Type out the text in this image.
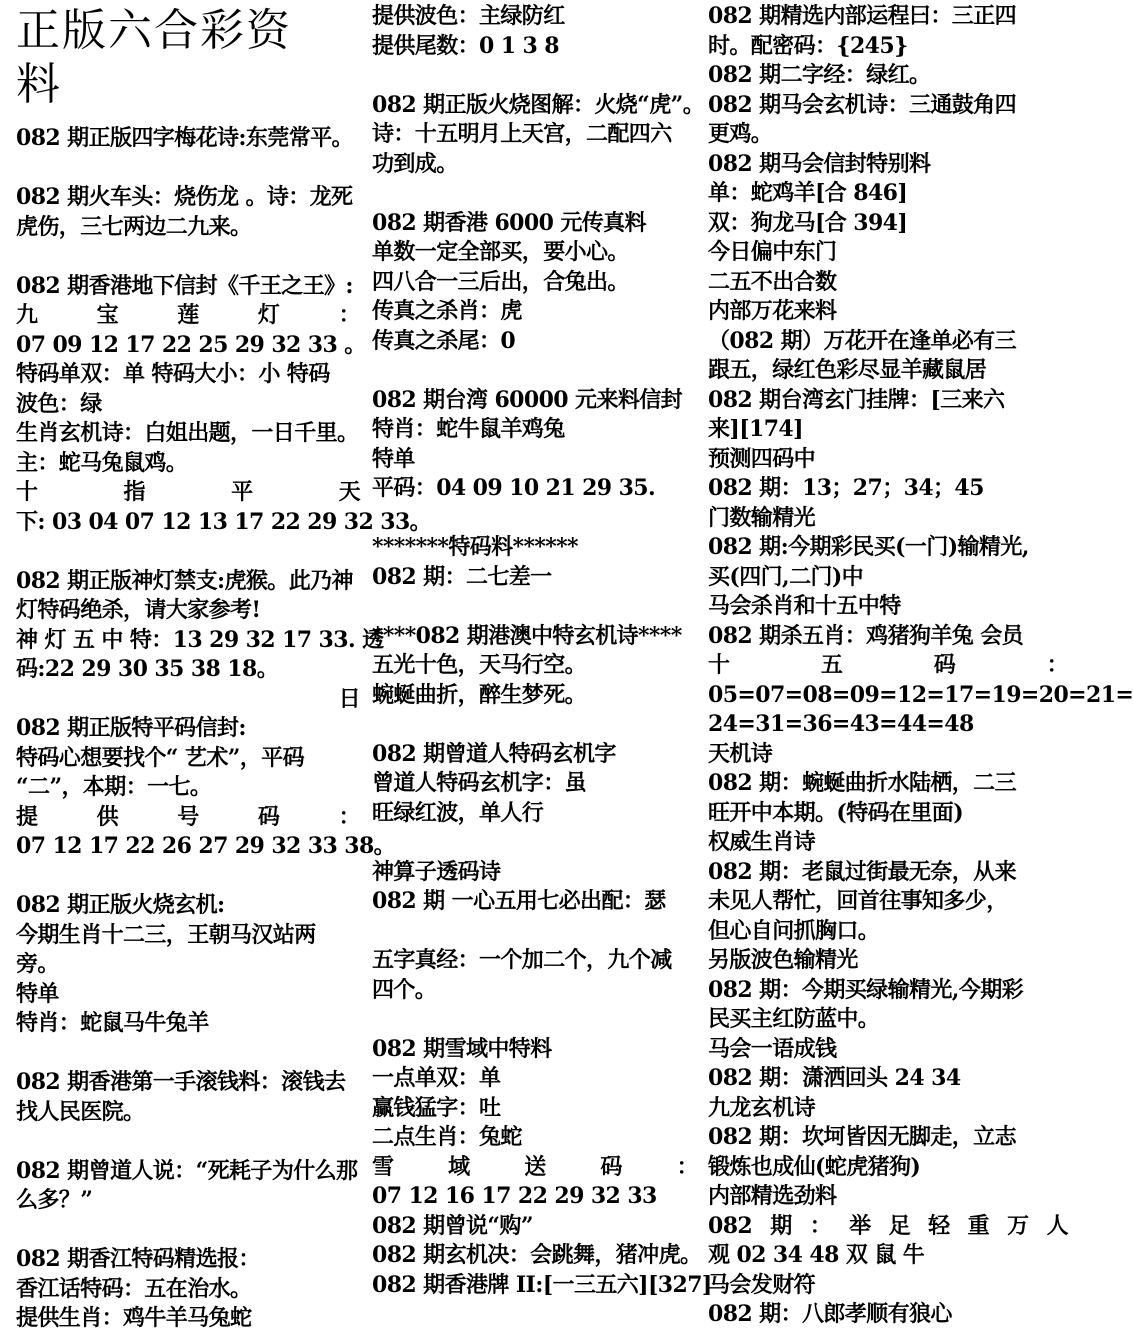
正版六合彩资
料
082 期正版四字梅花诗:东莞常平。
082 期火车头：烧伤龙 。诗：龙死
虎伤，三七两边二九来。
082 期香港地下信封《千王之王》:
九	宝	莲	灯	：
07 09 12 17 22 25 29 32 33 。
特码单双：单 特码大小：小 特码
波色：绿
生肖玄机诗：白姐出题，一日千里。
主：蛇马兔鼠鸡。
十	指	平	天
下: 03 04 07 12 13 17 22 29 32 33。
082 期正版神灯禁支:虎猴。此乃神
灯特码绝杀，请大家参考!
神 灯 五 中 特：13 29 32 17 33. 透
码:22 29 30 35 38 18。
日
082 期正版特平码信封:
特码心想要找个“ 艺术”，平码
“二”，本期：一七。
提	供	号	码	：
07 12 17 22 26 27 29 32 33 38。
082 期正版火烧玄机:
今期生肖十二三，王朝马汉站两
旁。
特单
特肖：蛇鼠马牛兔羊
082 期香港第一手滚钱料：滚钱去
找人民医院。
082 期曾道人说：“死耗子为什么那
么多？”
082 期香江特码精选报：
香江话特码：五在治水。
提供生肖：鸡牛羊马兔蛇
提供波色：主绿防红
提供尾数：0 1 3 8
082 期正版火烧图解：火烧“虎”。
诗：十五明月上天宫，二配四六
功到成。
082 期香港 6000 元传真料
单数一定全部买，要小心。
四八合一三后出，合兔出。
传真之杀肖：虎
传真之杀尾：0
082 期台湾 60000 元来料信封
特肖：蛇牛鼠羊鸡兔
特单
平码：04 09 10 21 29 35.
*******特码料******
082 期：二七差一
****082 期港澳中特玄机诗****
五光十色，天马行空。
蜿蜒曲折，醉生梦死。
082 期曾道人特码玄机字
曾道人特码玄机字：虽
旺绿红波，单人行
神算子透码诗
082 期 一心五用七必出配：瑟
五字真经：一个加二个，九个减
四个。
082 期雪域中特料
一点单双：单
赢钱猛字：吐
二点生肖：兔蛇
雪 域 送 码 ：
07 12 16 17 22 29 32 33
082 期曾说“购”
082 期玄机决：会跳舞，猪冲虎。
082 期香港牌 II:[一三五六][327]
082 期精选内部运程曰：三正四
时。配密码：{245}
082 期二字经：绿红。
082 期马会玄机诗：三通鼓角四
更鸡。
082 期马会信封特别料
单：蛇鸡羊[合 846]
双：狗龙马[合 394]
今日偏中东门
二五不出合数
内部万花来料
（082 期）万花开在逢单必有三
跟五，绿红色彩尽显羊藏鼠居
082 期台湾玄门挂牌：[三来六
来][174]
预测四码中
082 期：13；27；34；45
门数输精光
082 期:今期彩民买(一门)输精光,
买(四门,二门)中
马会杀肖和十五中特
082 期杀五肖：鸡猪狗羊兔 会员
十	五	码	：
05=07=08=09=12=17=19=20=21=
24=31=36=43=44=48
天机诗
082 期：蜿蜒曲折水陆栖，二三
旺开中本期。(特码在里面)
权威生肖诗
082 期：老鼠过街最无奈，从来
未见人帮忙，回首往事知多少，
但心自问抓胸口。
另版波色输精光
082 期：今期买绿输精光,今期彩
民买主红防蓝中。
马会一语成钱
082 期：潇洒回头 24 34
九龙玄机诗
082 期：坎坷皆因无脚走，立志
锻炼也成仙(蛇虎猪狗)
内部精选劲料
082 期 ： 举 足 轻 重 万 人
观 02 34 48 双 鼠 牛
马会发财符
082 期：八郎孝顺有狼心
